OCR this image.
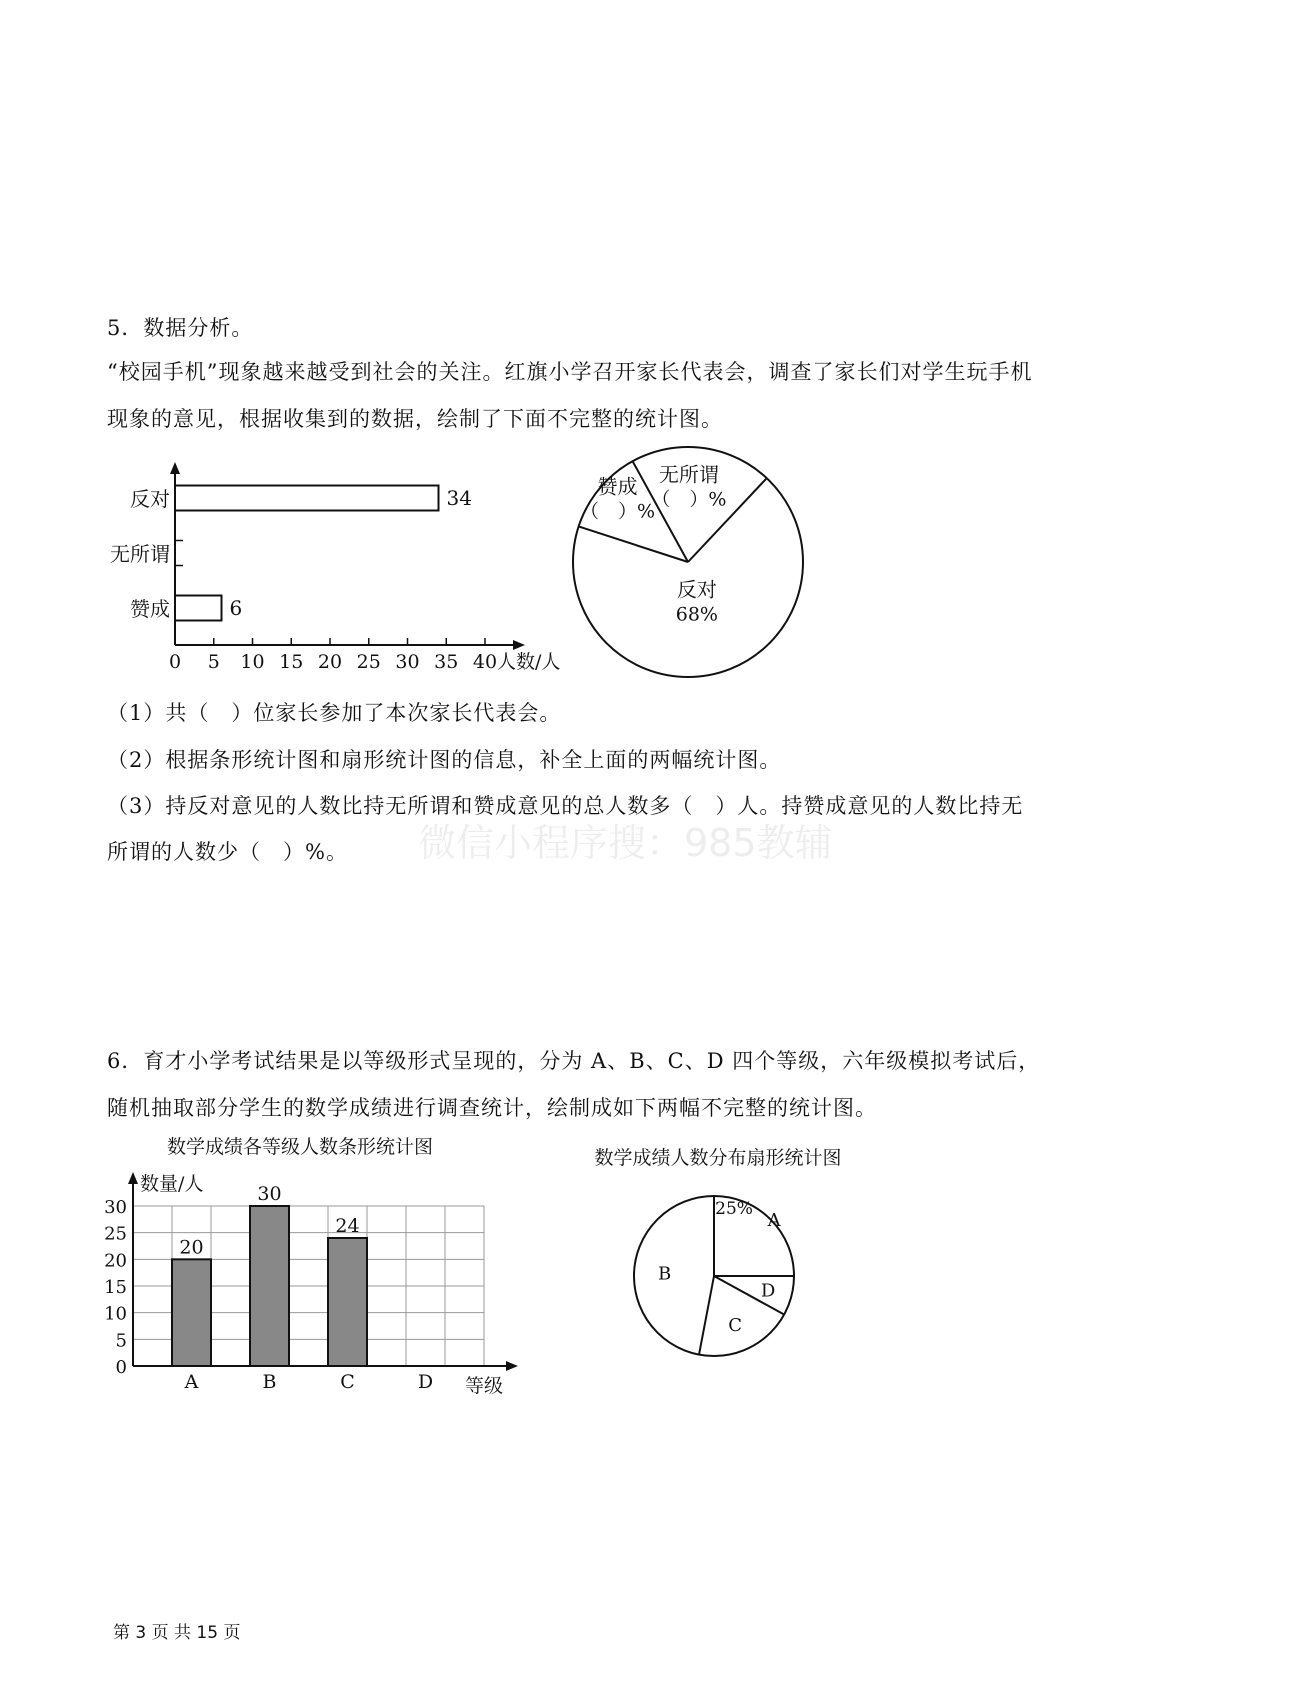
5．数据分析。
“校园手机”现象越来越受到社会的关注。红旗小学召开家长代表会，调查了家长们对学生玩手机
现象的意见，根据收集到的数据，绘制了下面不完整的统计图。
0 5 10 15 20 25 30 35 40 人数/人
反对	34
无所谓
赞成	6
反对
68%
赞成
（　）%
无所谓
（　）%
A
20
B
30
C
24
D
数学成绩各等级人数条形统计图
数量/人
等级
0
5
10
15
20
25
30
数学成绩人数分布扇形统计图
A
25%
D
C
B
（1）共（　）位家长参加了本次家长代表会。
（2）根据条形统计图和扇形统计图的信息，补全上面的两幅统计图。
（3）持反对意见的人数比持无所谓和赞成意见的总人数多（　）人。持赞成意见的人数比持无
所谓的人数少（　）%。 微信小程序搜：985教辅
6．育才小学考试结果是以等级形式呈现的，分为 A、B、C、D 四个等级，六年级模拟考试后，
随机抽取部分学生的数学成绩进行调查统计，绘制成如下两幅不完整的统计图。
第 3 页 共 15 页
